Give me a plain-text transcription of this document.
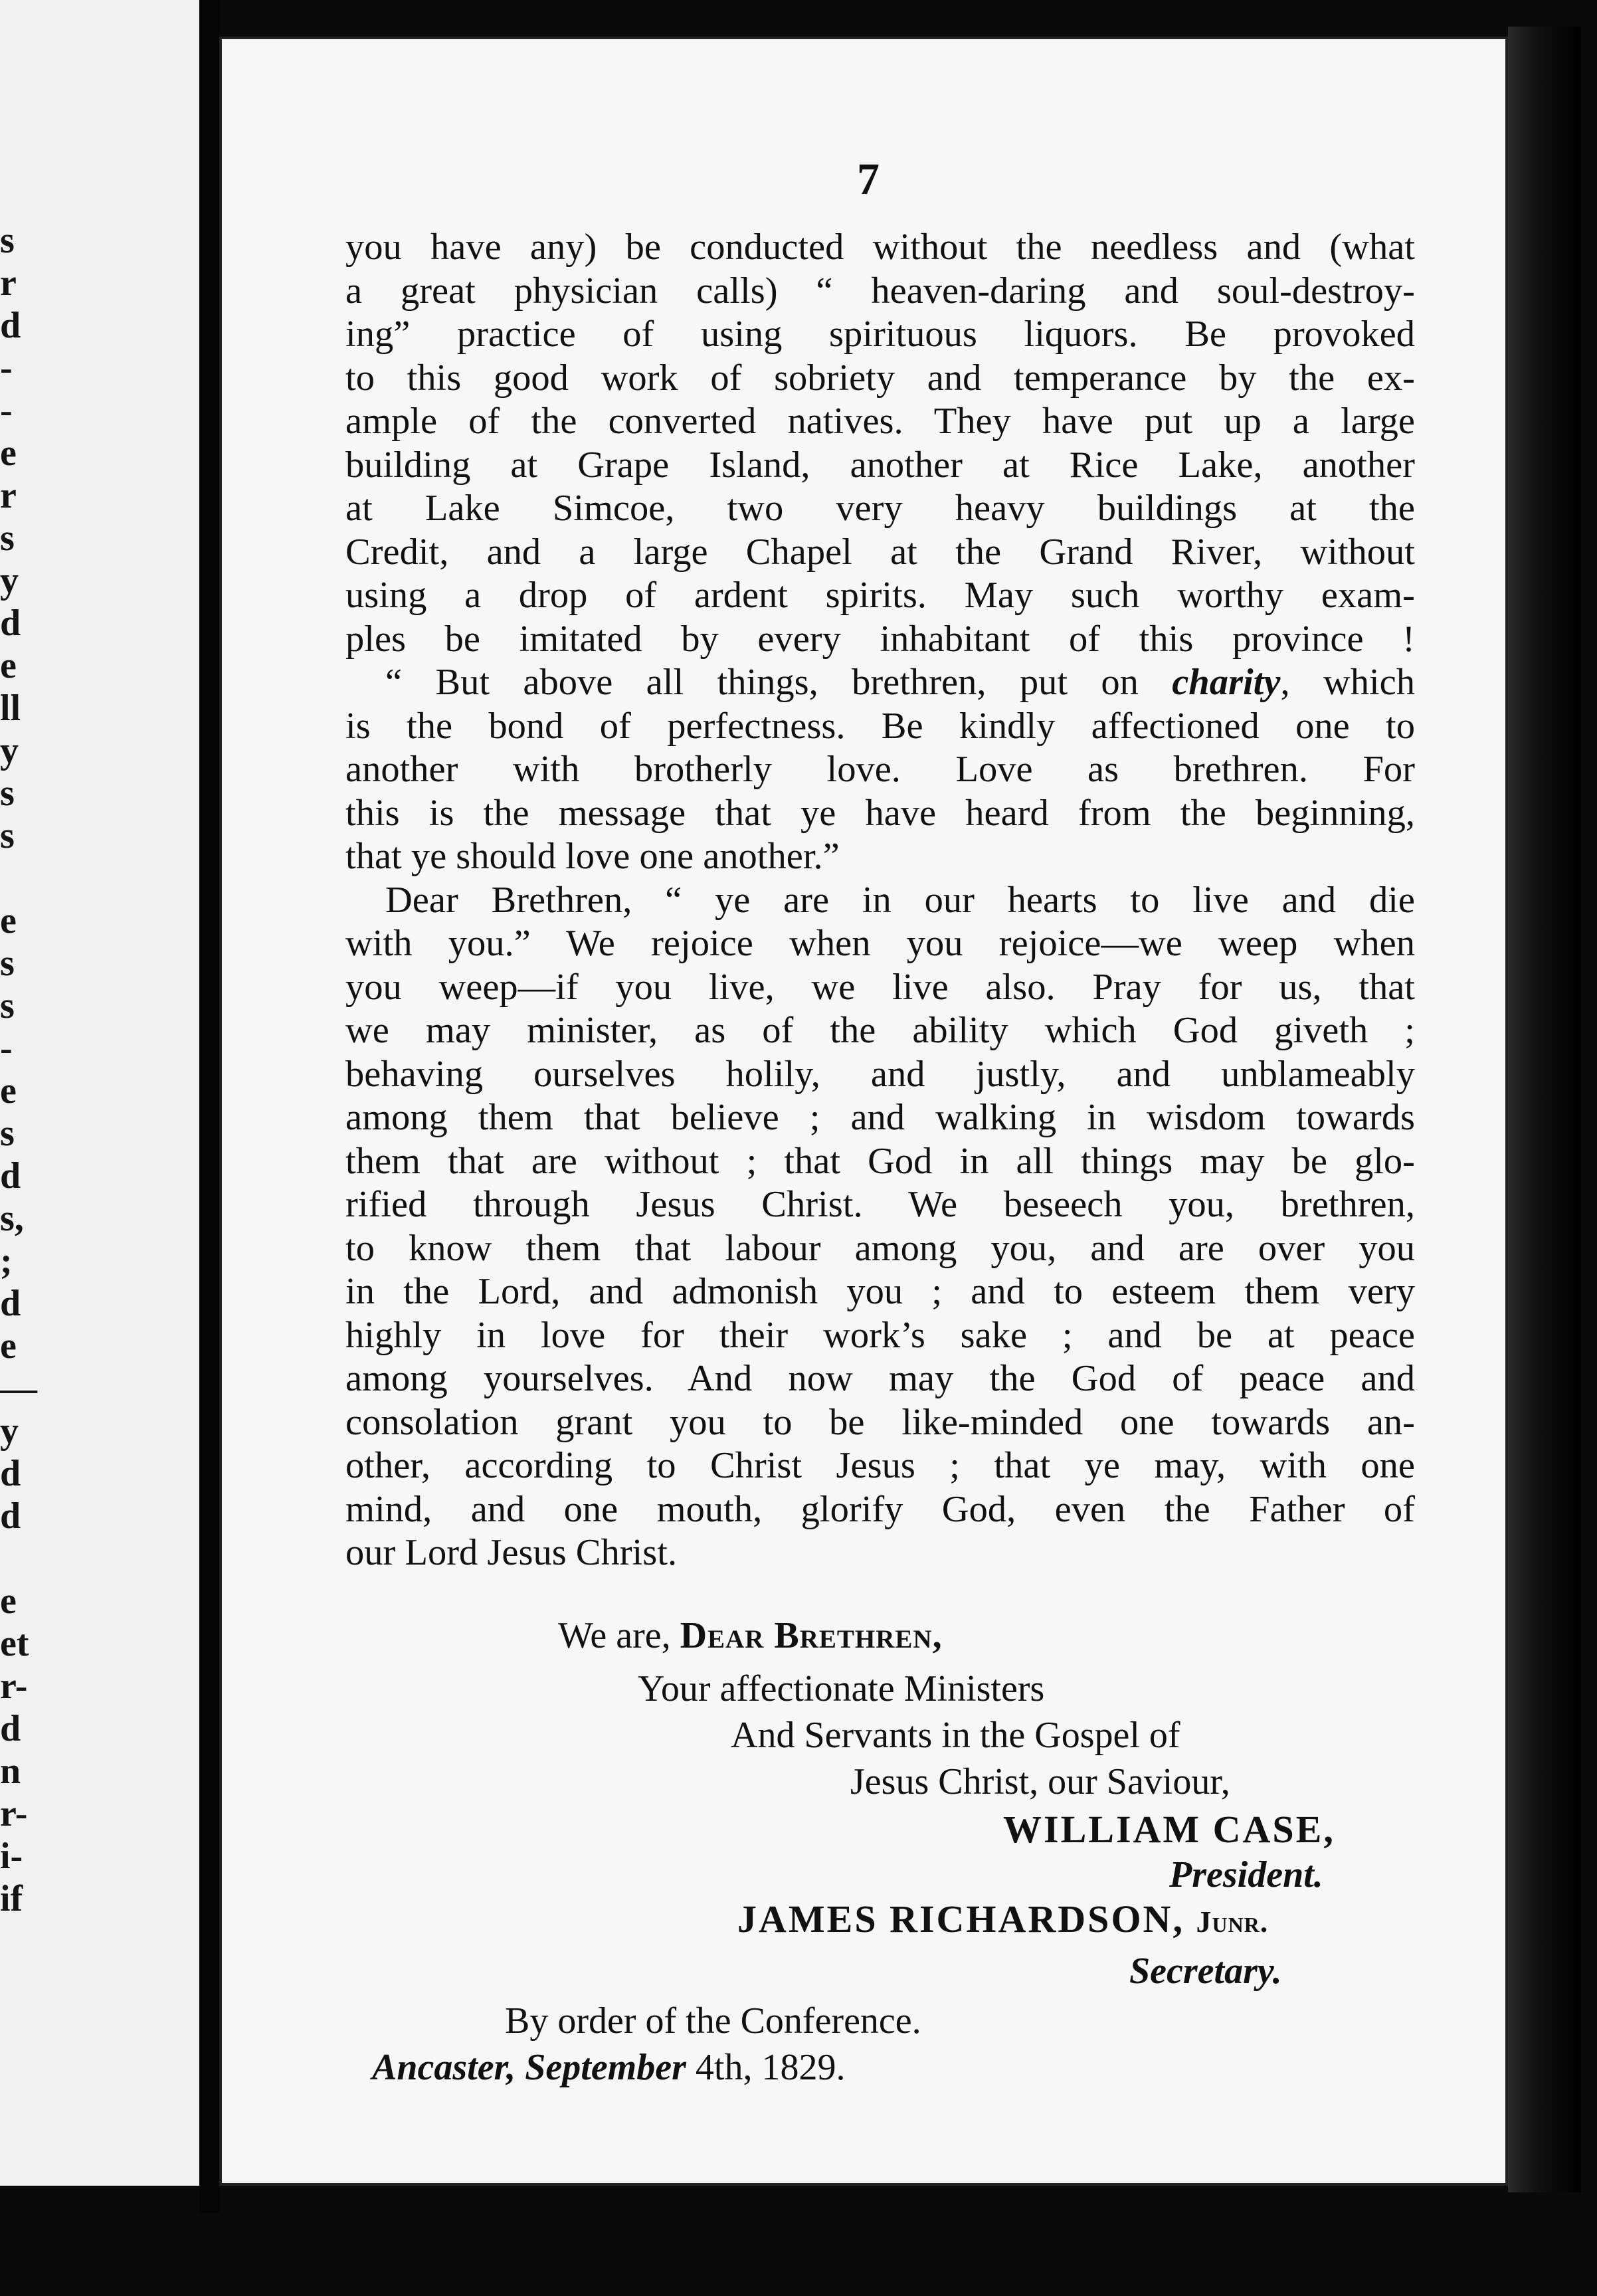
s
r
d
-
-
e
r
s
y
d
e
ll
y
s
s
e
s
s
-
e
s
d
s,
;
d
e
—
y
d
d
e
et
r-
d
n
r-
i-
if
7
you have any) be conducted without the needless and (what
a great physician calls) “ heaven-daring and soul-destroy-
ing” practice of using spirituous liquors. Be provoked
to this good work of sobriety and temperance by the ex-
ample of the converted natives. They have put up a large
building at Grape Island, another at Rice Lake, another
at Lake Simcoe, two very heavy buildings at the
Credit, and a large Chapel at the Grand River, without
using a drop of ardent spirits. May such worthy exam-
ples be imitated by every inhabitant of this province !
“ But above all things, brethren, put on charity, which
is the bond of perfectness. Be kindly affectioned one to
another with brotherly love. Love as brethren. For
this is the message that ye have heard from the beginning,
that ye should love one another.”
Dear Brethren, “ ye are in our hearts to live and die
with you.” We rejoice when you rejoice—we weep when
you weep—if you live, we live also. Pray for us, that
we may minister, as of the ability which God giveth ;
behaving ourselves holily, and justly, and unblameably
among them that believe ; and walking in wisdom towards
them that are without ; that God in all things may be glo-
rified through Jesus Christ. We beseech you, brethren,
to know them that labour among you, and are over you
in the Lord, and admonish you ; and to esteem them very
highly in love for their work’s sake ; and be at peace
among yourselves. And now may the God of peace and
consolation grant you to be like-minded one towards an-
other, according to Christ Jesus ; that ye may, with one
mind, and one mouth, glorify God, even the Father of
our Lord Jesus Christ.
We are, Dear Brethren,
Your affectionate Ministers
And Servants in the Gospel of
Jesus Christ, our Saviour,
WILLIAM CASE,
President.
JAMES RICHARDSON, Junr.
Secretary.
By order of the Conference.
Ancaster, September 4th, 1829.
